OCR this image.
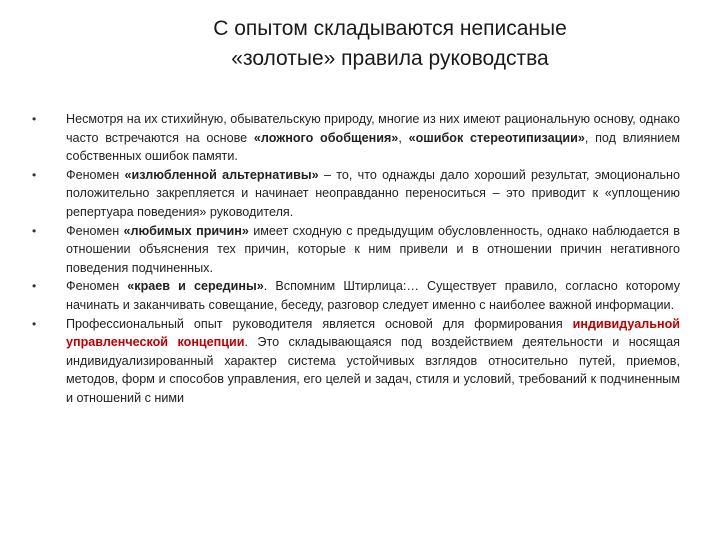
С опытом складываются неписаные
«золотые» правила руководства
• Несмотря на их стихийную, обывательскую природу, многие из них имеют рациональную основу, однако часто встречаются на основе «ложного обобщения», «ошибок стереотипизации», под влиянием собственных ошибок памяти.
• Феномен «излюбленной альтернативы» – то, что однажды дало хороший результат, эмоционально положительно закрепляется и начинает неоправданно переноситься – это приводит к «уплощению репертуара поведения» руководителя.
• Феномен «любимых причин» имеет сходную с предыдущим обусловленность, однако наблюдается в отношении объяснения тех причин, которые к ним привели и в отношении причин негативного поведения подчиненных.
• Феномен «краев и середины». Вспомним Штирлица:… Существует правило, согласно которому начинать и заканчивать совещание, беседу, разговор следует именно с наиболее важной информации.
• Профессиональный опыт руководителя является основой для формирования индивидуальной управленческой концепции. Это складывающаяся под воздействием деятельности и носящая индивидуализированный характер система устойчивых взглядов относительно путей, приемов, методов, форм и способов управления, его целей и задач, стиля и условий, требований к подчиненным и отношений с ними
